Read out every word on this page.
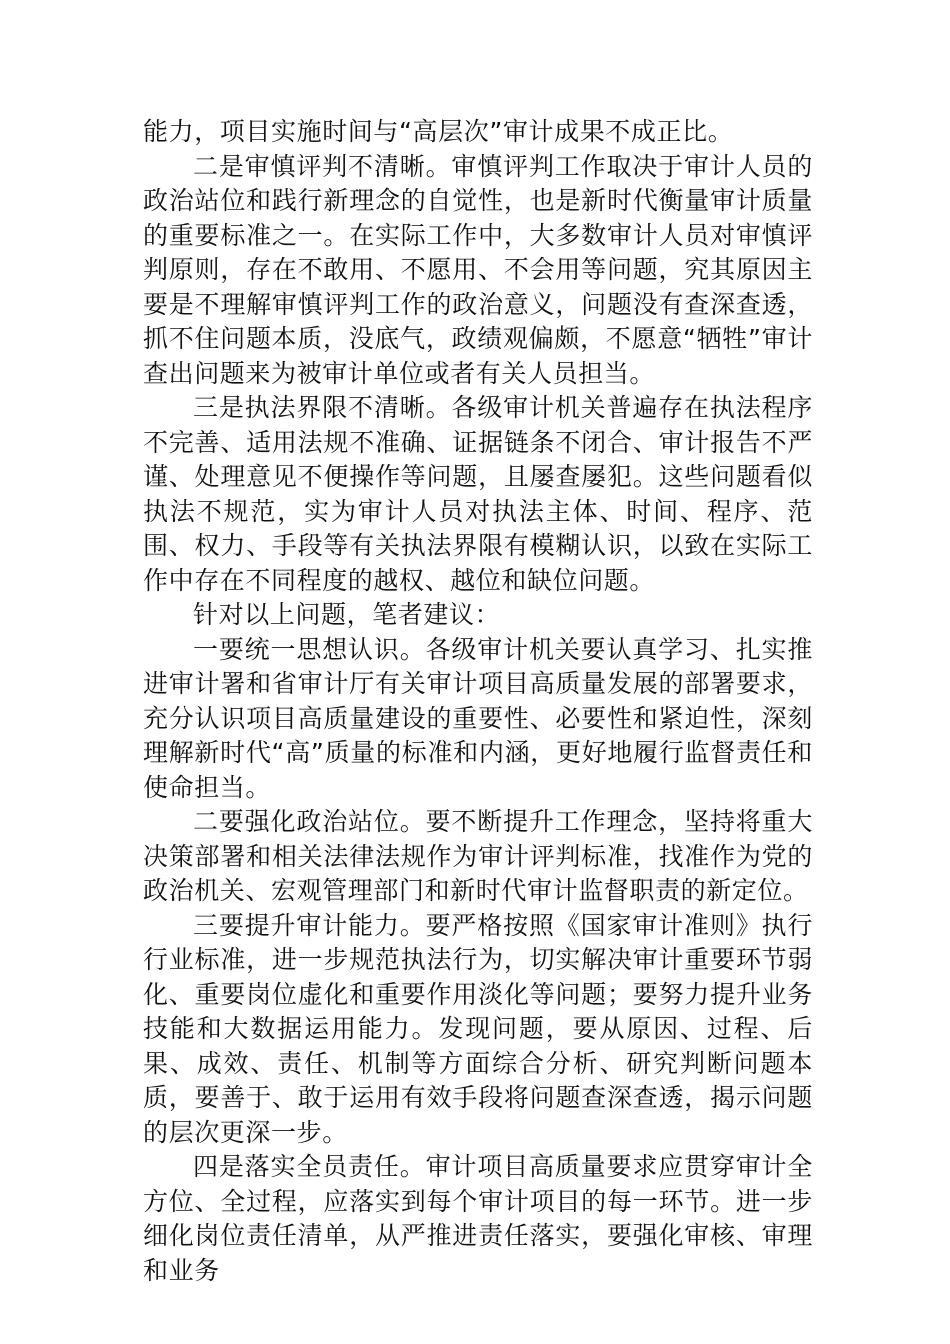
能力，项目实施时间与“高层次”审计成果不成正比。

二是审慎评判不清晰。审慎评判工作取决于审计人员的政治站位和践行新理念的自觉性，也是新时代衡量审计质量的重要标准之一。在实际工作中，大多数审计人员对审慎评判原则，存在不敢用、不愿用、不会用等问题，究其原因主要是不理解审慎评判工作的政治意义，问题没有查深查透，抓不住问题本质，没底气，政绩观偏颇，不愿意“牺牲”审计查出问题来为被审计单位或者有关人员担当。

三是执法界限不清晰。各级审计机关普遍存在执法程序不完善、适用法规不准确、证据链条不闭合、审计报告不严谨、处理意见不便操作等问题，且屡查屡犯。这些问题看似执法不规范，实为审计人员对执法主体、时间、程序、范围、权力、手段等有关执法界限有模糊认识，以致在实际工作中存在不同程度的越权、越位和缺位问题。

针对以上问题，笔者建议：

一要统一思想认识。各级审计机关要认真学习、扎实推进审计署和省审计厅有关审计项目高质量发展的部署要求，充分认识项目高质量建设的重要性、必要性和紧迫性，深刻理解新时代“高”质量的标准和内涵，更好地履行监督责任和使命担当。

二要强化政治站位。要不断提升工作理念，坚持将重大决策部署和相关法律法规作为审计评判标准，找准作为党的政治机关、宏观管理部门和新时代审计监督职责的新定位。

三要提升审计能力。要严格按照《国家审计准则》执行行业标准，进一步规范执法行为，切实解决审计重要环节弱化、重要岗位虚化和重要作用淡化等问题；要努力提升业务技能和大数据运用能力。发现问题，要从原因、过程、后果、成效、责任、机制等方面综合分析、研究判断问题本质，要善于、敢于运用有效手段将问题查深查透，揭示问题的层次更深一步。

四是落实全员责任。审计项目高质量要求应贯穿审计全方位、全过程，应落实到每个审计项目的每一环节。进一步细化岗位责任清单，从严推进责任落实，要强化审核、审理和业务
